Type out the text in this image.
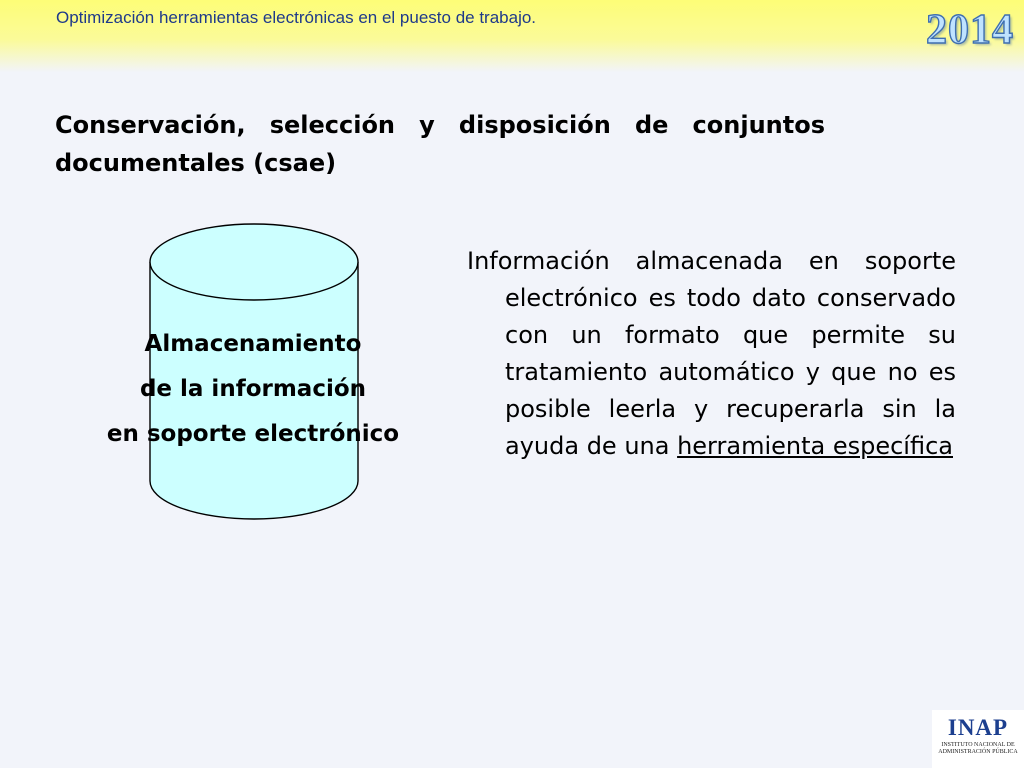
Optimización herramientas electrónicas en el puesto de trabajo.	2014
Conservación, selección y disposición de conjuntos documentales (csae)
Almacenamiento
de la información
en soporte electrónico
Información almacenada en soporte electrónico es todo dato conservado con un formato que permite su tratamiento automático y que no es posible leerla y recuperarla sin la ayuda de una herramienta específica
INAP
INSTITUTO NACIONAL DE
ADMINISTRACIÓN PÚBLICA
